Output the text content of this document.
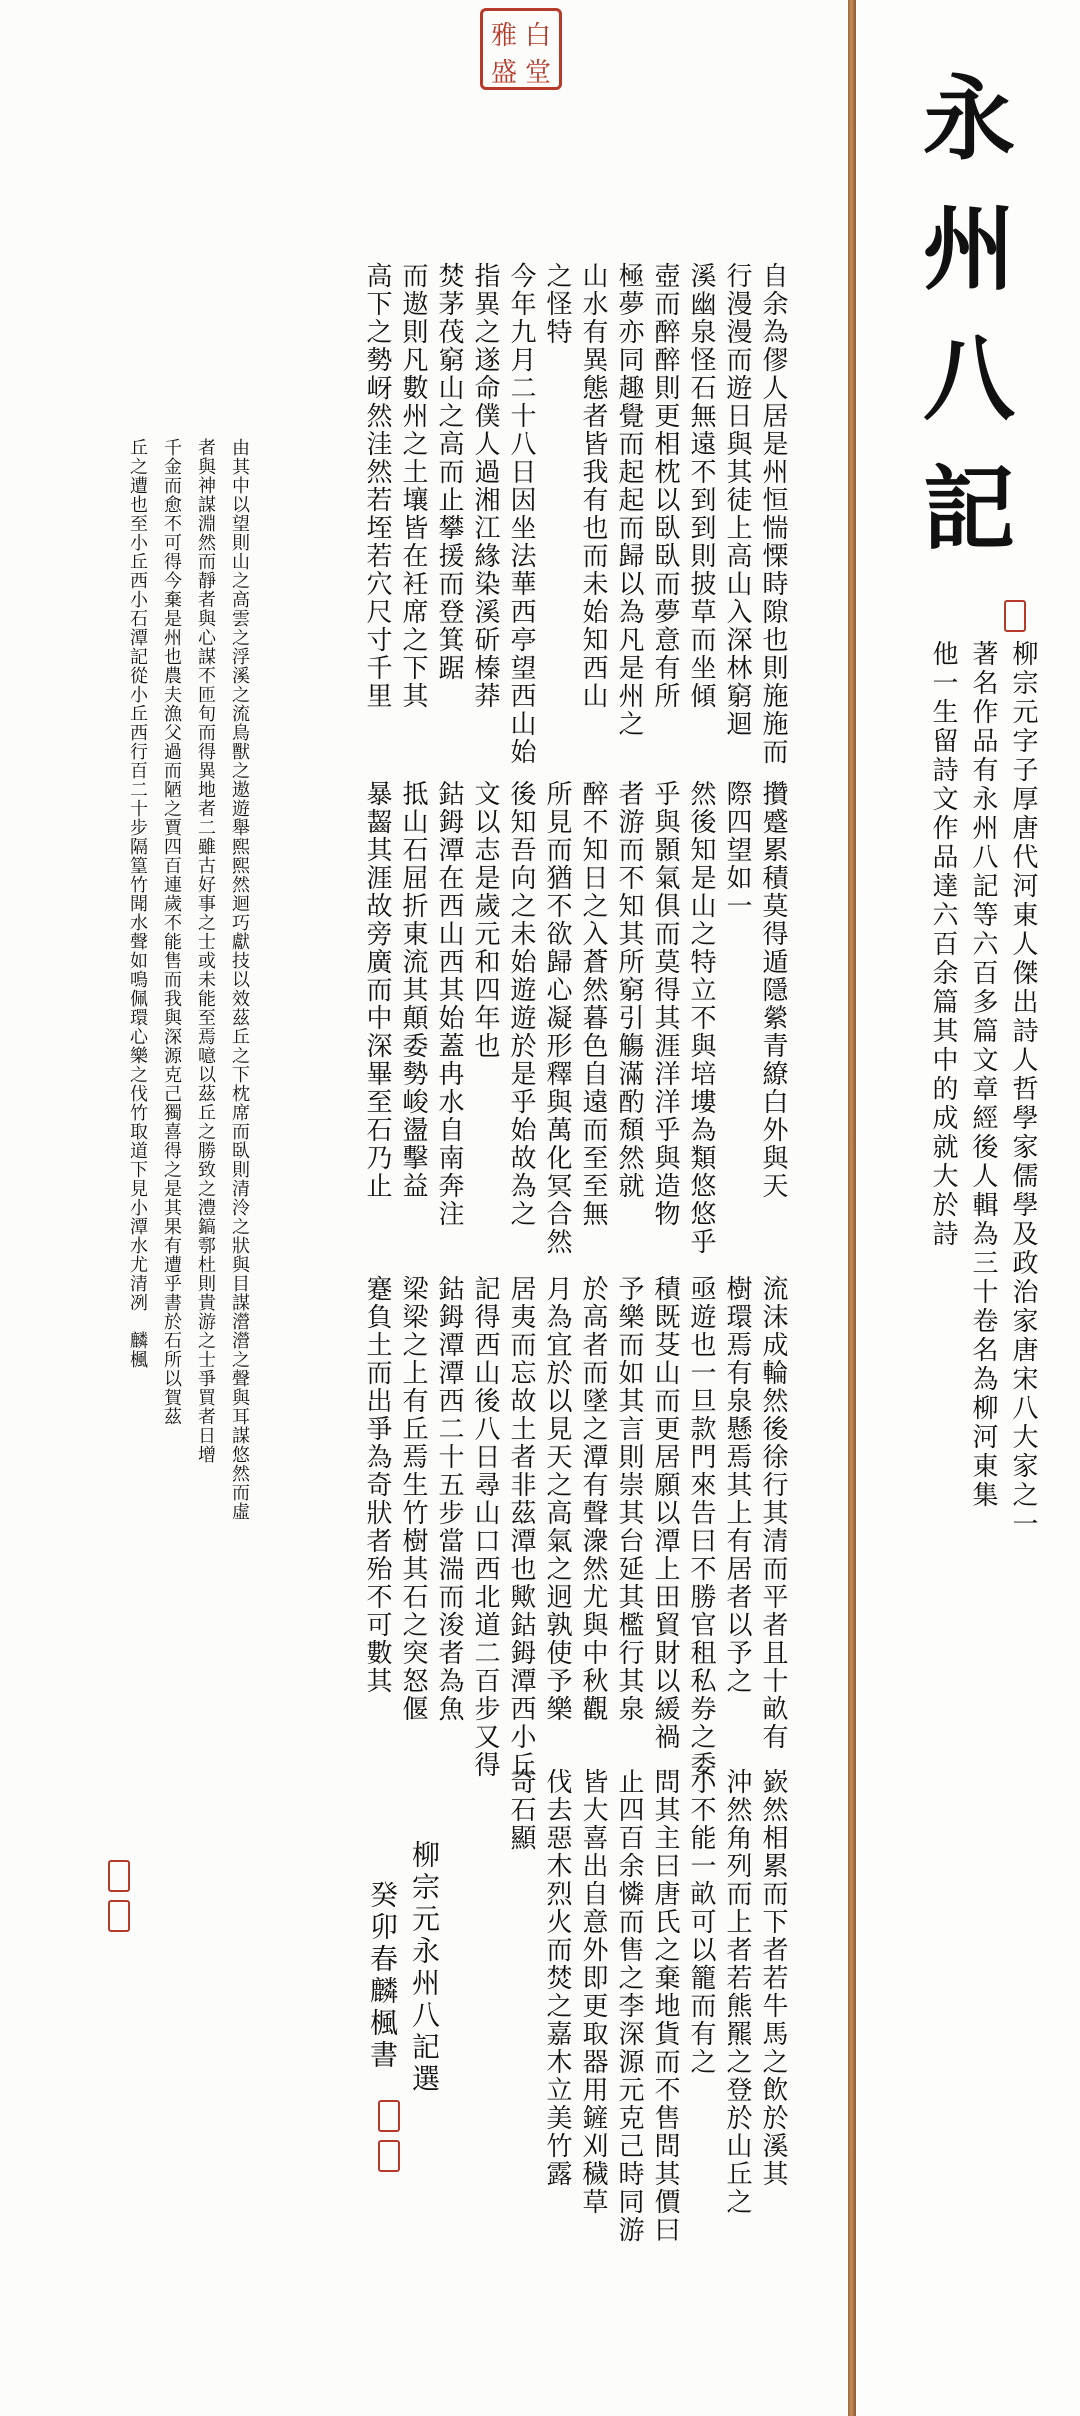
雅 白
盛 堂	永州八記
柳宗元字子厚唐代河東人傑出詩人哲學家儒學及政治家唐宋八大家之一
著名作品有永州八記等六百多篇文章經後人輯為三十卷名為柳河東集
他一生留詩文作品達六百余篇其中的成就大於詩
自余為僇人居是州恒惴慄時隙也則施施而
行漫漫而遊日與其徒上高山入深林窮迴
溪幽泉怪石無遠不到到則披草而坐傾
壺而醉醉則更相枕以臥臥而夢意有所
極夢亦同趣覺而起起而歸以為凡是州之
山水有異態者皆我有也而未始知西山
之怪特
今年九月二十八日因坐法華西亭望西山始
指異之遂命僕人過湘江緣染溪斫榛莽
焚茅茷窮山之高而止攀援而登箕踞
而遨則凡數州之土壤皆在衽席之下其
高下之勢岈然洼然若垤若穴尺寸千里
攢蹙累積莫得遁隱縈青繚白外與天
際四望如一
然後知是山之特立不與培塿為類悠悠乎
乎與顥氣俱而莫得其涯洋洋乎與造物
者游而不知其所窮引觴滿酌頹然就
醉不知日之入蒼然暮色自遠而至至無
所見而猶不欲歸心凝形釋與萬化冥合然
後知吾向之未始遊遊於是乎始故為之
文以志是歲元和四年也
鈷鉧潭在西山西其始蓋冉水自南奔注
抵山石屈折東流其顛委勢峻盪擊益
暴齧其涯故旁廣而中深畢至石乃止
流沫成輪然後徐行其清而平者且十畝有
樹環焉有泉懸焉其上有居者以予之
亟遊也一旦款門來告曰不勝官租私券之委
積既芟山而更居願以潭上田貿財以緩禍
予樂而如其言則崇其台延其檻行其泉
於高者而墜之潭有聲潨然尤與中秋觀
月為宜於以見天之高氣之迥孰使予樂
居夷而忘故土者非茲潭也歟鈷鉧潭西小丘
記得西山後八日尋山口西北道二百步又得
鈷鉧潭潭西二十五步當湍而浚者為魚
梁梁之上有丘焉生竹樹其石之突怒偃
蹇負土而出爭為奇狀者殆不可數其
嶔然相累而下者若牛馬之飲於溪其
沖然角列而上者若熊羆之登於山丘之
小不能一畝可以籠而有之
問其主曰唐氏之棄地貨而不售問其價曰
止四百余憐而售之李深源元克己時同游
皆大喜出自意外即更取器用鏟刈穢草
伐去惡木烈火而焚之嘉木立美竹露
奇石顯
柳宗元永州八記選
癸卯春麟楓書
由其中以望則山之高雲之浮溪之流鳥獸之遨遊舉熙熙然迴巧獻技以效茲丘之下枕席而臥則清泠之狀與目謀瀯瀯之聲與耳謀悠然而虛
者與神謀淵然而靜者與心謀不匝旬而得異地者二雖古好事之士或未能至焉噫以茲丘之勝致之澧鎬鄠杜則貴游之士爭買者日增
千金而愈不可得今棄是州也農夫漁父過而陋之賈四百連歲不能售而我與深源克己獨喜得之是其果有遭乎書於石所以賀茲
丘之遭也至小丘西小石潭記從小丘西行百二十步隔篁竹聞水聲如鳴佩環心樂之伐竹取道下見小潭水尤清冽　麟楓
